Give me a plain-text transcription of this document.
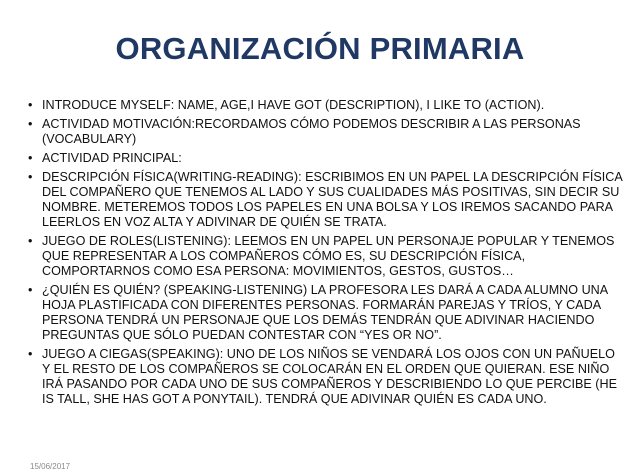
ORGANIZACIÓN PRIMARIA
• INTRODUCE MYSELF: NAME, AGE,I HAVE GOT (DESCRIPTION), I LIKE TO (ACTION).
• ACTIVIDAD MOTIVACIÓN:RECORDAMOS CÓMO PODEMOS DESCRIBIR A LAS PERSONAS (VOCABULARY)
• ACTIVIDAD PRINCIPAL:
• DESCRIPCIÓN FÍSICA(WRITING-READING): ESCRIBIMOS EN UN PAPEL LA DESCRIPCIÓN FÍSICA DEL COMPAÑERO QUE TENEMOS AL LADO Y SUS CUALIDADES MÁS POSITIVAS, SIN DECIR SU NOMBRE. METEREMOS TODOS LOS PAPELES EN UNA BOLSA Y LOS IREMOS SACANDO PARA LEERLOS EN VOZ ALTA Y ADIVINAR DE QUIÉN SE TRATA.
• JUEGO DE ROLES(LISTENING): LEEMOS EN UN PAPEL UN PERSONAJE POPULAR Y TENEMOS QUE REPRESENTAR A LOS COMPAÑEROS CÓMO ES, SU DESCRIPCIÓN FÍSICA, COMPORTARNOS COMO ESA PERSONA: MOVIMIENTOS, GESTOS, GUSTOS…
• ¿QUIÉN ES QUIÉN? (SPEAKING-LISTENING) LA PROFESORA LES DARÁ A CADA ALUMNO UNA HOJA PLASTIFICADA CON DIFERENTES PERSONAS. FORMARÁN PAREJAS Y TRÍOS, Y CADA PERSONA TENDRÁ UN PERSONAJE QUE LOS DEMÁS TENDRÁN QUE ADIVINAR HACIENDO PREGUNTAS QUE SÓLO PUEDAN CONTESTAR CON “YES OR NO”.
• JUEGO A CIEGAS(SPEAKING): UNO DE LOS NIÑOS SE VENDARÁ LOS OJOS CON UN PAÑUELO Y EL RESTO DE LOS COMPAÑEROS SE COLOCARÁN EN EL ORDEN QUE QUIERAN. ESE NIÑO IRÁ PASANDO POR CADA UNO DE SUS COMPAÑEROS Y DESCRIBIENDO LO QUE PERCIBE (HE IS TALL, SHE HAS GOT A PONYTAIL). TENDRÁ QUE ADIVINAR QUIÉN ES CADA UNO.
15/06/2017
